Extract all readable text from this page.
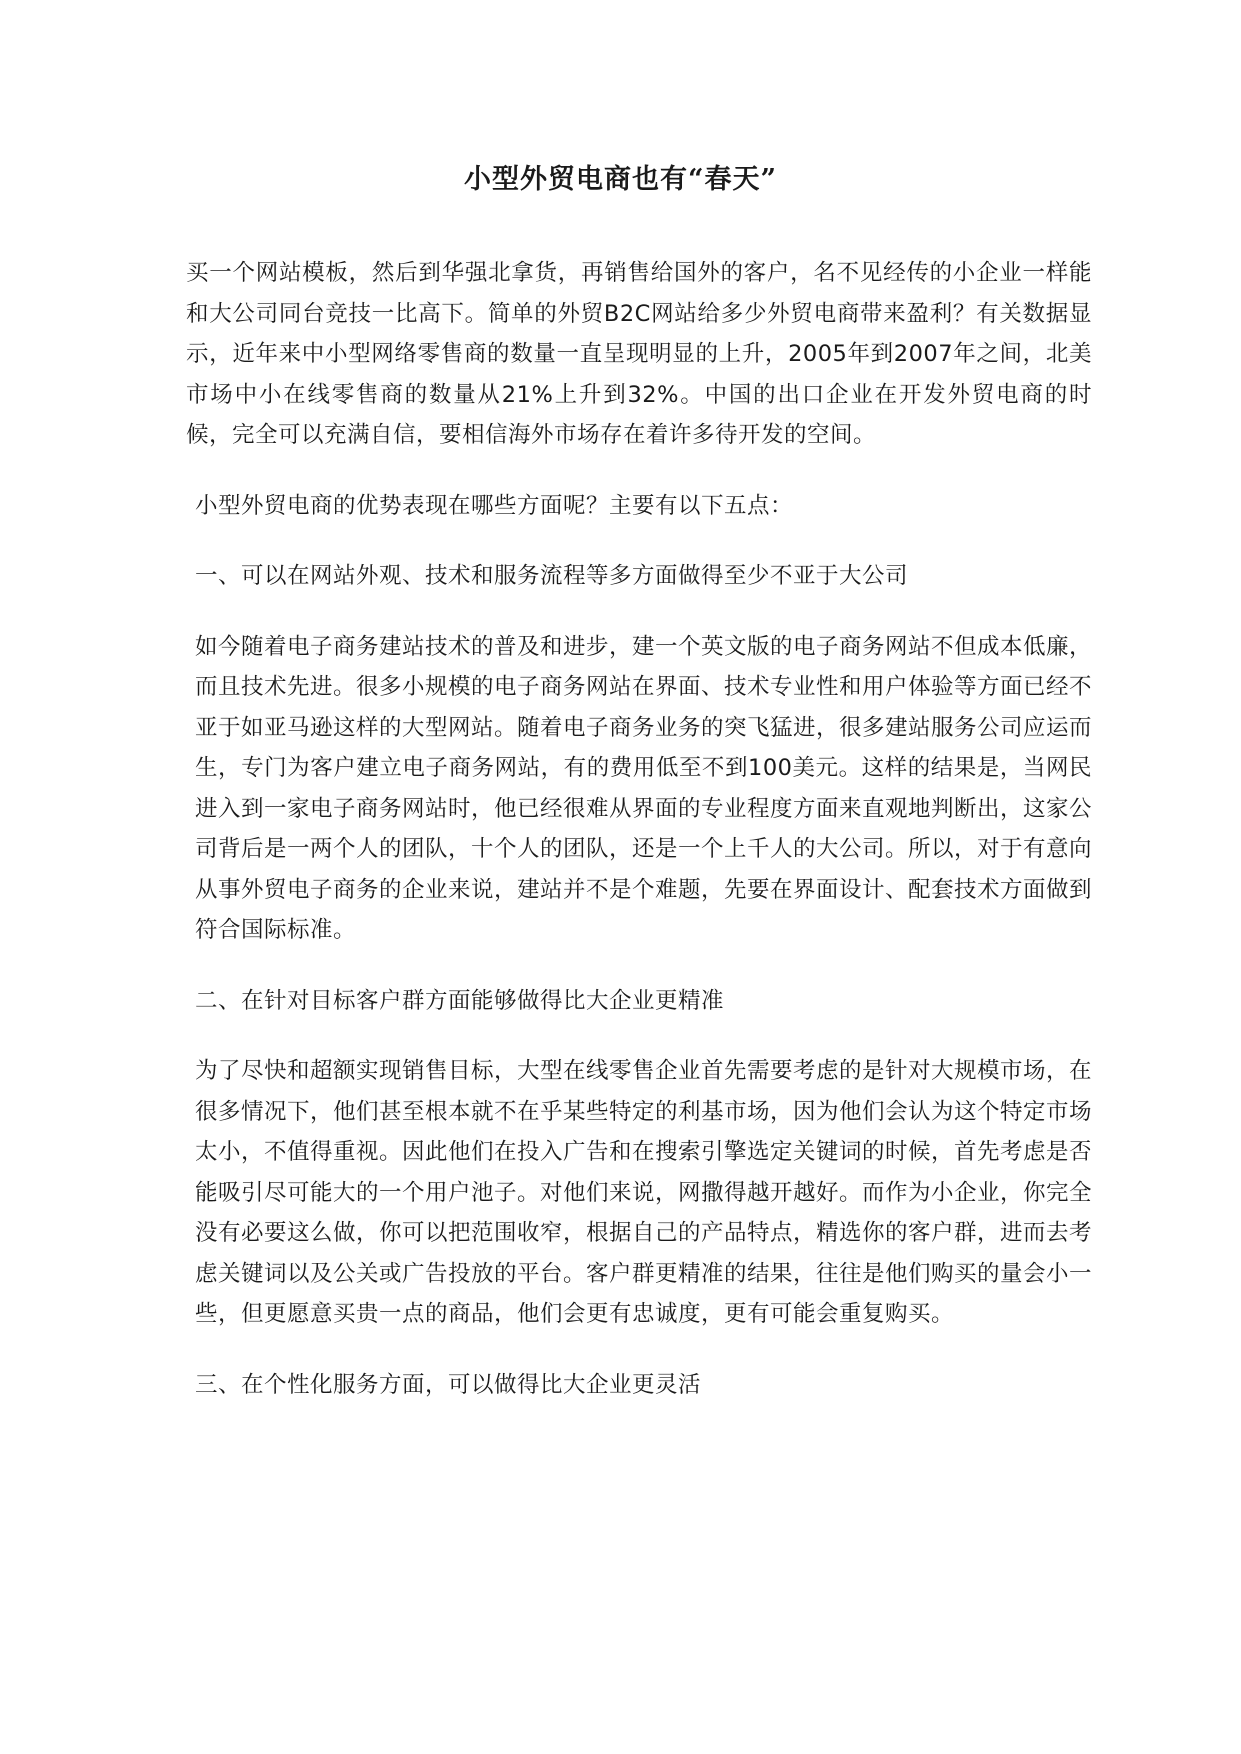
小型外贸电商也有“春天”

买一个网站模板，然后到华强北拿货，再销售给国外的客户，名不见经传的小企业一样能和大公司同台竞技一比高下。简单的外贸B2C网站给多少外贸电商带来盈利？有关数据显示，近年来中小型网络零售商的数量一直呈现明显的上升，2005年到2007年之间，北美市场中小在线零售商的数量从21%上升到32%。中国的出口企业在开发外贸电商的时候，完全可以充满自信，要相信海外市场存在着许多待开发的空间。

小型外贸电商的优势表现在哪些方面呢？主要有以下五点：

一、可以在网站外观、技术和服务流程等多方面做得至少不亚于大公司

如今随着电子商务建站技术的普及和进步，建一个英文版的电子商务网站不但成本低廉，而且技术先进。很多小规模的电子商务网站在界面、技术专业性和用户体验等方面已经不亚于如亚马逊这样的大型网站。随着电子商务业务的突飞猛进，很多建站服务公司应运而生，专门为客户建立电子商务网站，有的费用低至不到100美元。这样的结果是，当网民进入到一家电子商务网站时，他已经很难从界面的专业程度方面来直观地判断出，这家公司背后是一两个人的团队，十个人的团队，还是一个上千人的大公司。所以，对于有意向从事外贸电子商务的企业来说，建站并不是个难题，先要在界面设计、配套技术方面做到符合国际标准。

二、在针对目标客户群方面能够做得比大企业更精准

为了尽快和超额实现销售目标，大型在线零售企业首先需要考虑的是针对大规模市场，在很多情况下，他们甚至根本就不在乎某些特定的利基市场，因为他们会认为这个特定市场太小，不值得重视。因此他们在投入广告和在搜索引擎选定关键词的时候，首先考虑是否能吸引尽可能大的一个用户池子。对他们来说，网撒得越开越好。而作为小企业，你完全没有必要这么做，你可以把范围收窄，根据自己的产品特点，精选你的客户群，进而去考虑关键词以及公关或广告投放的平台。客户群更精准的结果，往往是他们购买的量会小一些，但更愿意买贵一点的商品，他们会更有忠诚度，更有可能会重复购买。

三、在个性化服务方面，可以做得比大企业更灵活
